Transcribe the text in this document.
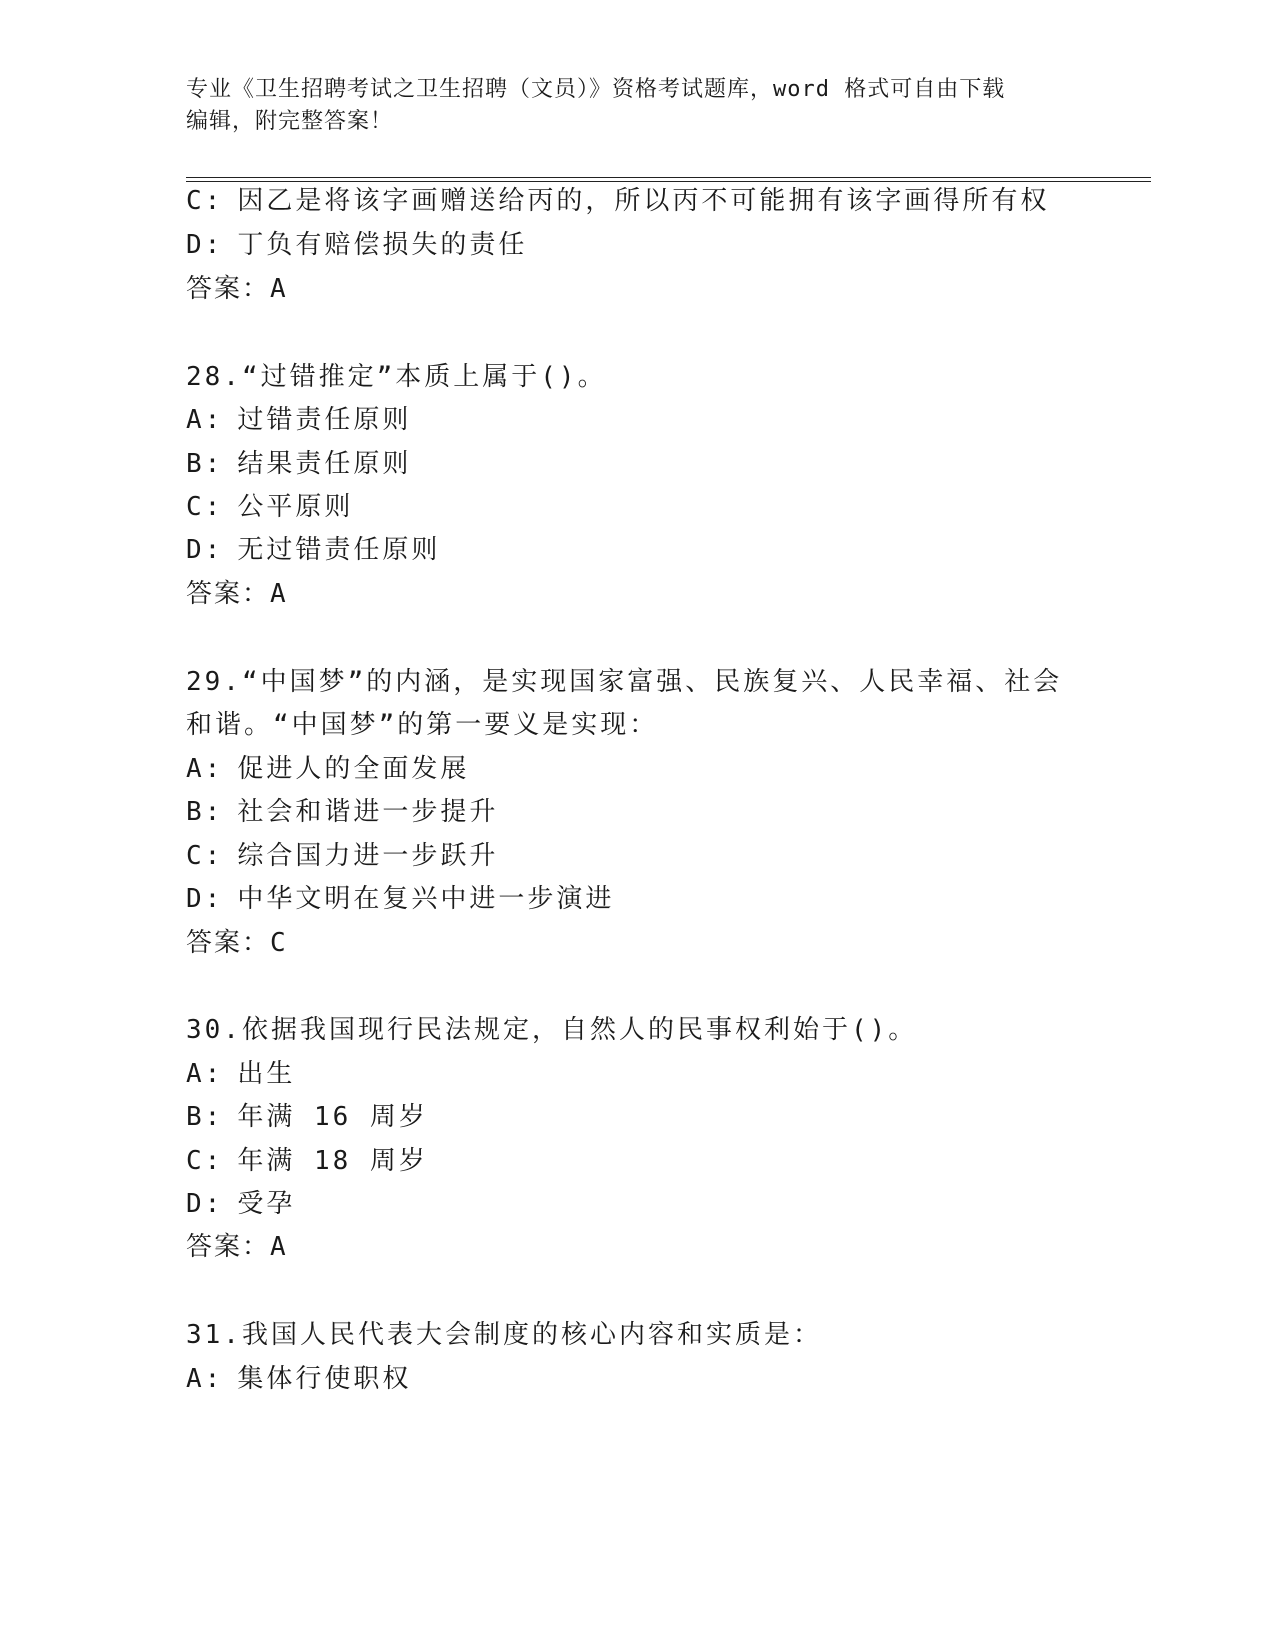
专业《卫生招聘考试之卫生招聘（文员）》资格考试题库，word 格式可自由下载
编辑，附完整答案！
C: 因乙是将该字画赠送给丙的，所以丙不可能拥有该字画得所有权
D: 丁负有赔偿损失的责任
答案：A
28.“过错推定”本质上属于()。
A: 过错责任原则
B: 结果责任原则
C: 公平原则
D: 无过错责任原则
答案：A
29.“中国梦”的内涵，是实现国家富强、民族复兴、人民幸福、社会
和谐。“中国梦”的第一要义是实现：
A: 促进人的全面发展
B: 社会和谐进一步提升
C: 综合国力进一步跃升
D: 中华文明在复兴中进一步演进
答案：C
30.依据我国现行民法规定，自然人的民事权利始于()。
A: 出生
B: 年满 16 周岁
C: 年满 18 周岁
D: 受孕
答案：A
31.我国人民代表大会制度的核心内容和实质是：
A: 集体行使职权
